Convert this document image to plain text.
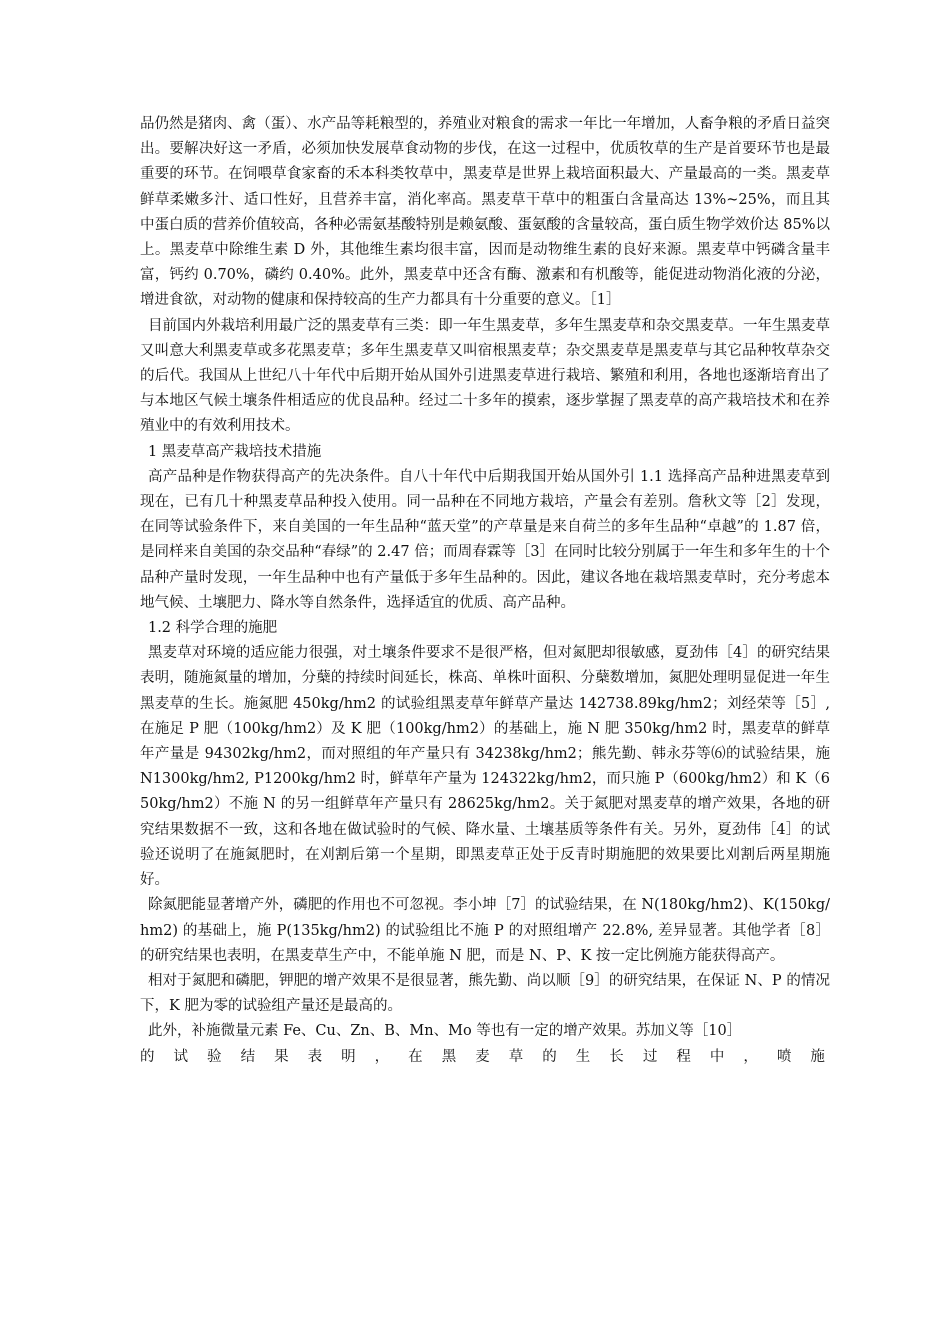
品仍然是猪肉、禽（蛋）、水产品等耗粮型的，养殖业对粮食的需求一年比一年增加，人畜争粮的矛盾日益突出。要解决好这一矛盾，必须加快发展草食动物的步伐，在这一过程中，优质牧草的生产是首要环节也是最重要的环节。在饲喂草食家畜的禾本科类牧草中，黑麦草是世界上栽培面积最大、产量最高的一类。黑麦草鲜草柔嫩多汁、适口性好，且营养丰富，消化率高。黑麦草干草中的粗蛋白含量高达 13%~25%，而且其中蛋白质的营养价值较高，各种必需氨基酸特别是赖氨酸、蛋氨酸的含量较高，蛋白质生物学效价达 85%以上。黑麦草中除维生素 D 外，其他维生素均很丰富，因而是动物维生素的良好来源。黑麦草中钙磷含量丰富，钙约 0.70%，磷约 0.40%。此外，黑麦草中还含有酶、激素和有机酸等，能促进动物消化液的分泌，增进食欲，对动物的健康和保持较高的生产力都具有十分重要的意义。［1］

目前国内外栽培利用最广泛的黑麦草有三类：即一年生黑麦草，多年生黑麦草和杂交黑麦草。一年生黑麦草又叫意大利黑麦草或多花黑麦草；多年生黑麦草又叫宿根黑麦草；杂交黑麦草是黑麦草与其它品种牧草杂交的后代。我国从上世纪八十年代中后期开始从国外引进黑麦草进行栽培、繁殖和利用，各地也逐渐培育出了与本地区气候土壤条件相适应的优良品种。经过二十多年的摸索，逐步掌握了黑麦草的高产栽培技术和在养殖业中的有效利用技术。

1 黑麦草高产栽培技术措施

高产品种是作物获得高产的先决条件。自八十年代中后期我国开始从国外引 1.1 选择高产品种进黑麦草到现在，已有几十种黑麦草品种投入使用。同一品种在不同地方栽培，产量会有差别。詹秋文等［2］发现，在同等试验条件下，来自美国的一年生品种“蓝天堂”的产草量是来自荷兰的多年生品种“卓越”的 1.87 倍，是同样来自美国的杂交品种“春绿”的 2.47 倍；而周春霖等［3］在同时比较分别属于一年生和多年生的十个品种产量时发现，一年生品种中也有产量低于多年生品种的。因此，建议各地在栽培黑麦草时，充分考虑本地气候、土壤肥力、降水等自然条件，选择适宜的优质、高产品种。

1.2 科学合理的施肥

黑麦草对环境的适应能力很强，对土壤条件要求不是很严格，但对氮肥却很敏感，夏劲伟［4］的研究结果表明，随施氮量的增加，分蘖的持续时间延长，株高、单株叶面积、分蘖数增加，氮肥处理明显促进一年生黑麦草的生长。施氮肥 450kg/hm2 的试验组黑麦草年鲜草产量达 142738.89kg/hm2；刘经荣等［5］, 在施足 P 肥（100kg/hm2）及 K 肥（100kg/hm2）的基础上，施 N 肥 350kg/hm2 时，黑麦草的鲜草年产量是 94302kg/hm2，而对照组的年产量只有 34238kg/hm2；熊先勤、韩永芬等⑹的试验结果，施 N1300kg/hm2, P1200kg/hm2 时，鲜草年产量为 124322kg/hm2，而只施 P（600kg/hm2）和 K（650kg/hm2）不施 N 的另一组鲜草年产量只有 28625kg/hm2。关于氮肥对黑麦草的增产效果，各地的研究结果数据不一致，这和各地在做试验时的气候、降水量、土壤基质等条件有关。另外，夏劲伟［4］的试验还说明了在施氮肥时，在刈割后第一个星期，即黑麦草正处于反青时期施肥的效果要比刈割后两星期施好。

除氮肥能显著增产外，磷肥的作用也不可忽视。李小坤［7］的试验结果，在 N(180kg/hm2)、K(150kg/hm2) 的基础上，施 P(135kg/hm2) 的试验组比不施 P 的对照组增产 22.8%, 差异显著。其他学者［8］的研究结果也表明，在黑麦草生产中，不能单施 N 肥，而是 N、P、K 按一定比例施方能获得高产。

相对于氮肥和磷肥，钾肥的增产效果不是很显著，熊先勤、尚以顺［9］的研究结果，在保证 N、P 的情况下，K 肥为零的试验组产量还是最高的。

此外，补施微量元素 Fe、Cu、Zn、B、Mn、Mo 等也有一定的增产效果。苏加义等［10］

的试验结果表明，在黑麦草的生长过程中，喷施
